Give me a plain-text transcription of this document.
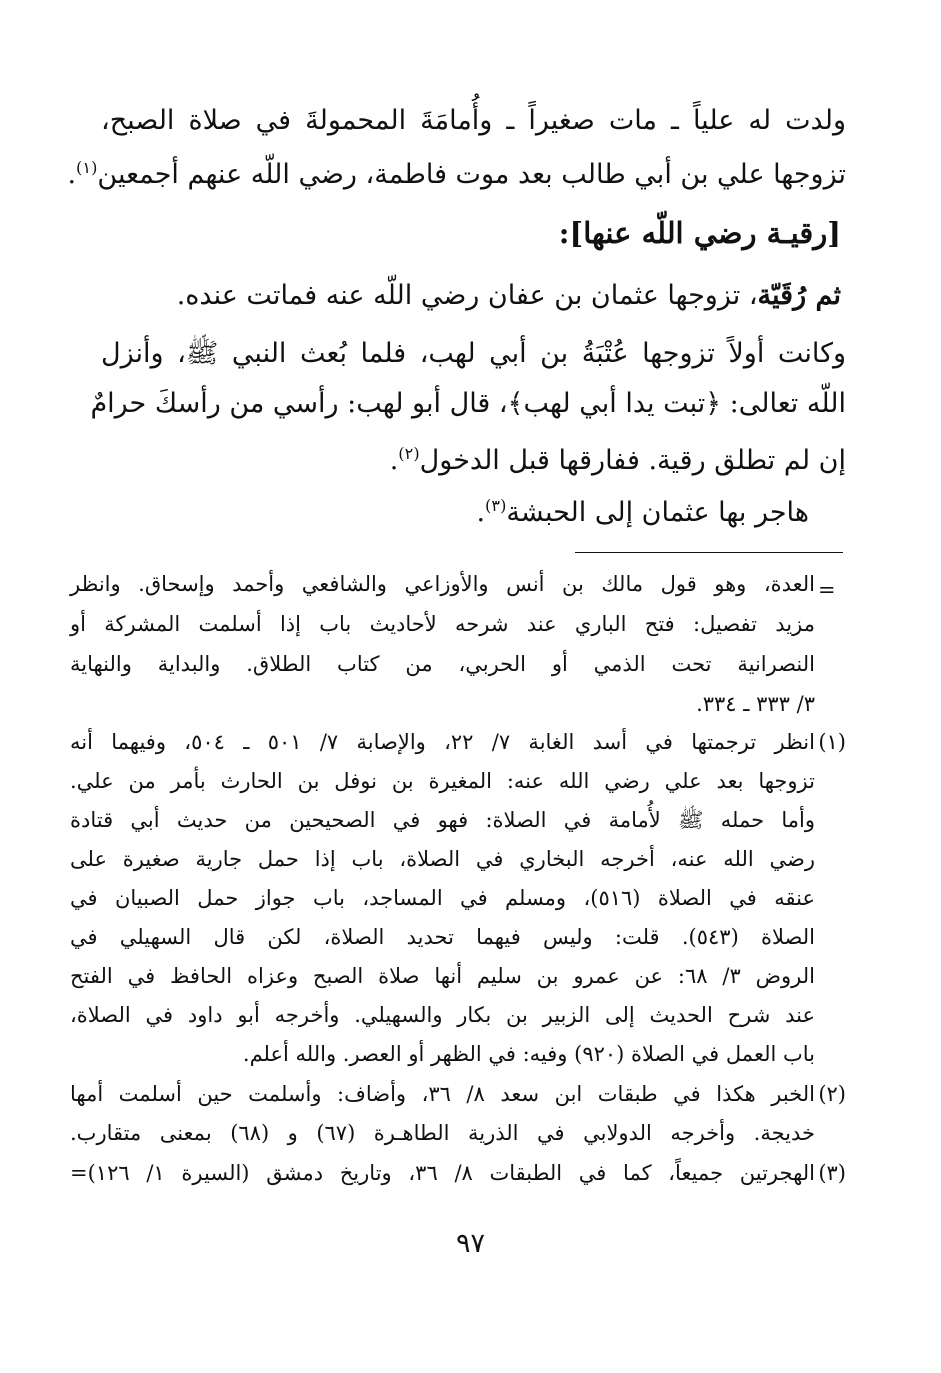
ولدت له علياً ـ مات صغيراً ـ وأُمامَةَ المحمولةَ في صلاة الصبح،
تزوجها علي بن أبي طالب بعد موت فاطمة، رضي اللّه عنهم أجمعين$^{(١)}$.
[رقيـة رضي اللّه عنها]:
ثم رُقَيّة، تزوجها عثمان بن عفان رضي اللّه عنه فماتت عنده.
وكانت أولاً تزوجها عُتْبَةُ بن أبي لهب، فلما بُعث النبي ﷺ، وأنزل
اللّه تعالى: ﴿تبت يدا أبي لهب﴾، قال أبو لهب: رأسي من رأسكَ حرامٌ
إن لم تطلق رقية. ففارقها قبل الدخول$^{(٢)}$.
هاجر بها عثمان إلى الحبشة$^{(٣)}$.
=
العدة، وهو قول مالك بن أنس والأوزاعي والشافعي وأحمد وإسحاق. وانظر
مزيد تفصيل: فتح الباري عند شرحه لأحاديث باب إذا أسلمت المشركة أو
النصرانية تحت الذمي أو الحربي، من كتاب الطلاق. والبداية والنهاية
٣/ ٣٣٣ ـ ٣٣٤.
(١)
انظر ترجمتها في أسد الغابة ٧/ ٢٢، والإصابة ٧/ ٥٠١ ـ ٥٠٤، وفيهما أنه
تزوجها بعد علي رضي الله عنه: المغيرة بن نوفل بن الحارث بأمر من علي.
وأما حمله ﷺ لأُمامة في الصلاة: فهو في الصحيحين من حديث أبي قتادة
رضي الله عنه، أخرجه البخاري في الصلاة، باب إذا حمل جارية صغيرة على
عنقه في الصلاة (٥١٦)، ومسلم في المساجد، باب جواز حمل الصبيان في
الصلاة (٥٤٣). قلت: وليس فيهما تحديد الصلاة، لكن قال السهيلي في
الروض ٣/ ٦٨: عن عمرو بن سليم أنها صلاة الصبح وعزاه الحافظ في الفتح
عند شرح الحديث إلى الزبير بن بكار والسهيلي. وأخرجه أبو داود في الصلاة،
باب العمل في الصلاة (٩٢٠) وفيه: في الظهر أو العصر. والله أعلم.
(٢)
الخبر هكذا في طبقات ابن سعد ٨/ ٣٦، وأضاف: وأسلمت حين أسلمت أمها
خديجة. وأخرجه الدولابي في الذرية الطاهـرة (٦٧) و (٦٨) بمعنى متقارب.
(٣)
الهجرتين جميعاً، كما في الطبقات ٨/ ٣٦، وتاريخ دمشق (السيرة ١/ ١٢٦)=
٩٧
